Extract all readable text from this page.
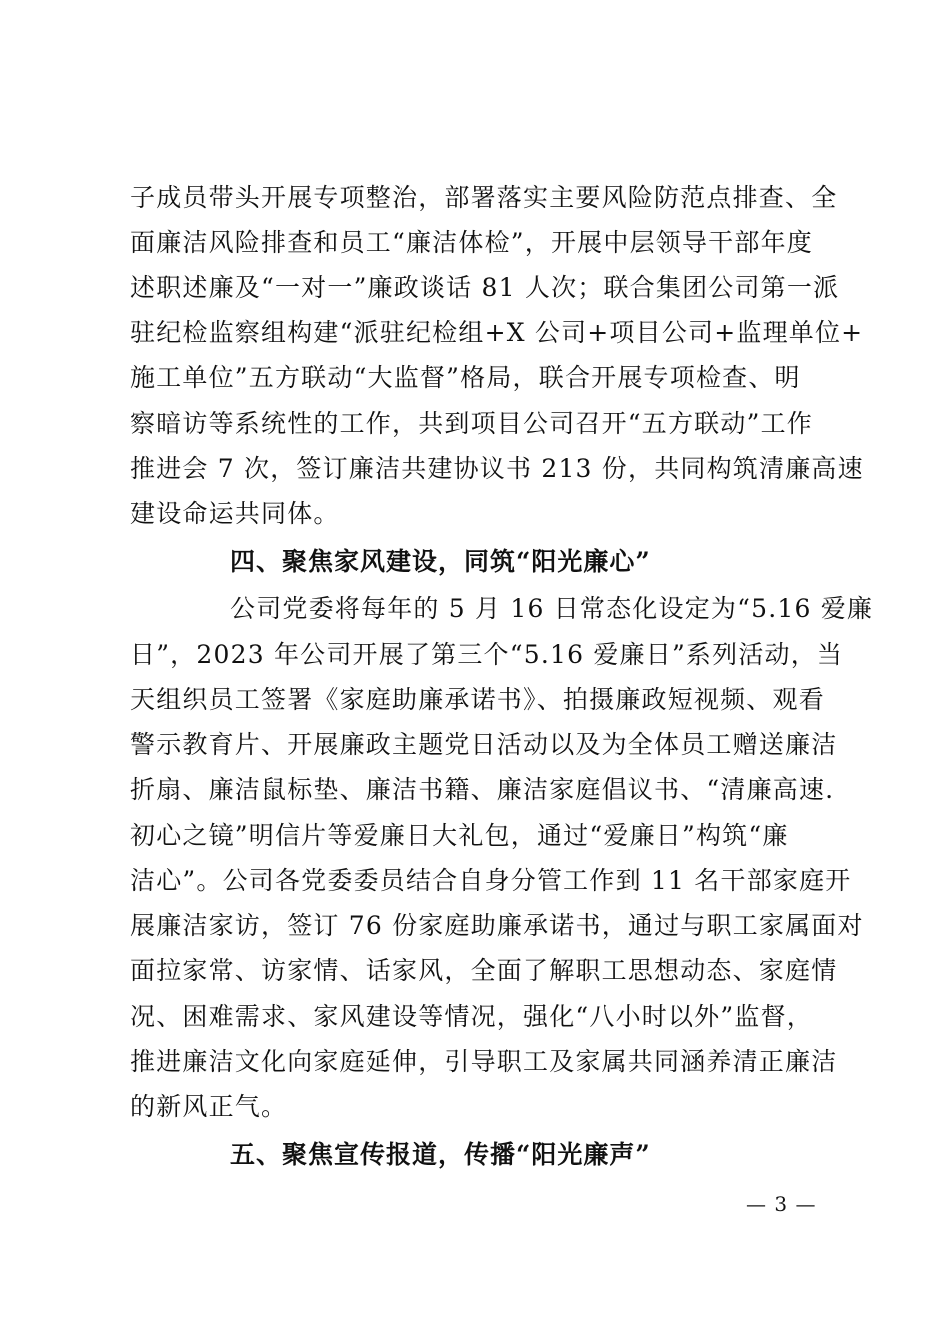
子成员带头开展专项整治，部署落实主要风险防范点排查、全
面廉洁风险排查和员工“廉洁体检”，开展中层领导干部年度
述职述廉及“一对一”廉政谈话 81 人次；联合集团公司第一派
驻纪检监察组构建“派驻纪检组+X 公司+项目公司+监理单位+
施工单位”五方联动“大监督”格局，联合开展专项检查、明
察暗访等系统性的工作，共到项目公司召开“五方联动”工作
推进会 7 次，签订廉洁共建协议书 213 份，共同构筑清廉高速
建设命运共同体。
四、聚焦家风建设，同筑“阳光廉心”
公司党委将每年的 5 月 16 日常态化设定为“5.16 爱廉
日”，2023 年公司开展了第三个“5.16 爱廉日”系列活动，当
天组织员工签署《家庭助廉承诺书》、拍摄廉政短视频、观看
警示教育片、开展廉政主题党日活动以及为全体员工赠送廉洁
折扇、廉洁鼠标垫、廉洁书籍、廉洁家庭倡议书、“清廉高速.
初心之镜”明信片等爱廉日大礼包，通过“爱廉日”构筑“廉
洁心”。公司各党委委员结合自身分管工作到 11 名干部家庭开
展廉洁家访，签订 76 份家庭助廉承诺书，通过与职工家属面对
面拉家常、访家情、话家风，全面了解职工思想动态、家庭情
况、困难需求、家风建设等情况，强化“八小时以外”监督，
推进廉洁文化向家庭延伸，引导职工及家属共同涵养清正廉洁
的新风正气。
五、聚焦宣传报道，传播“阳光廉声”
— 3 —
